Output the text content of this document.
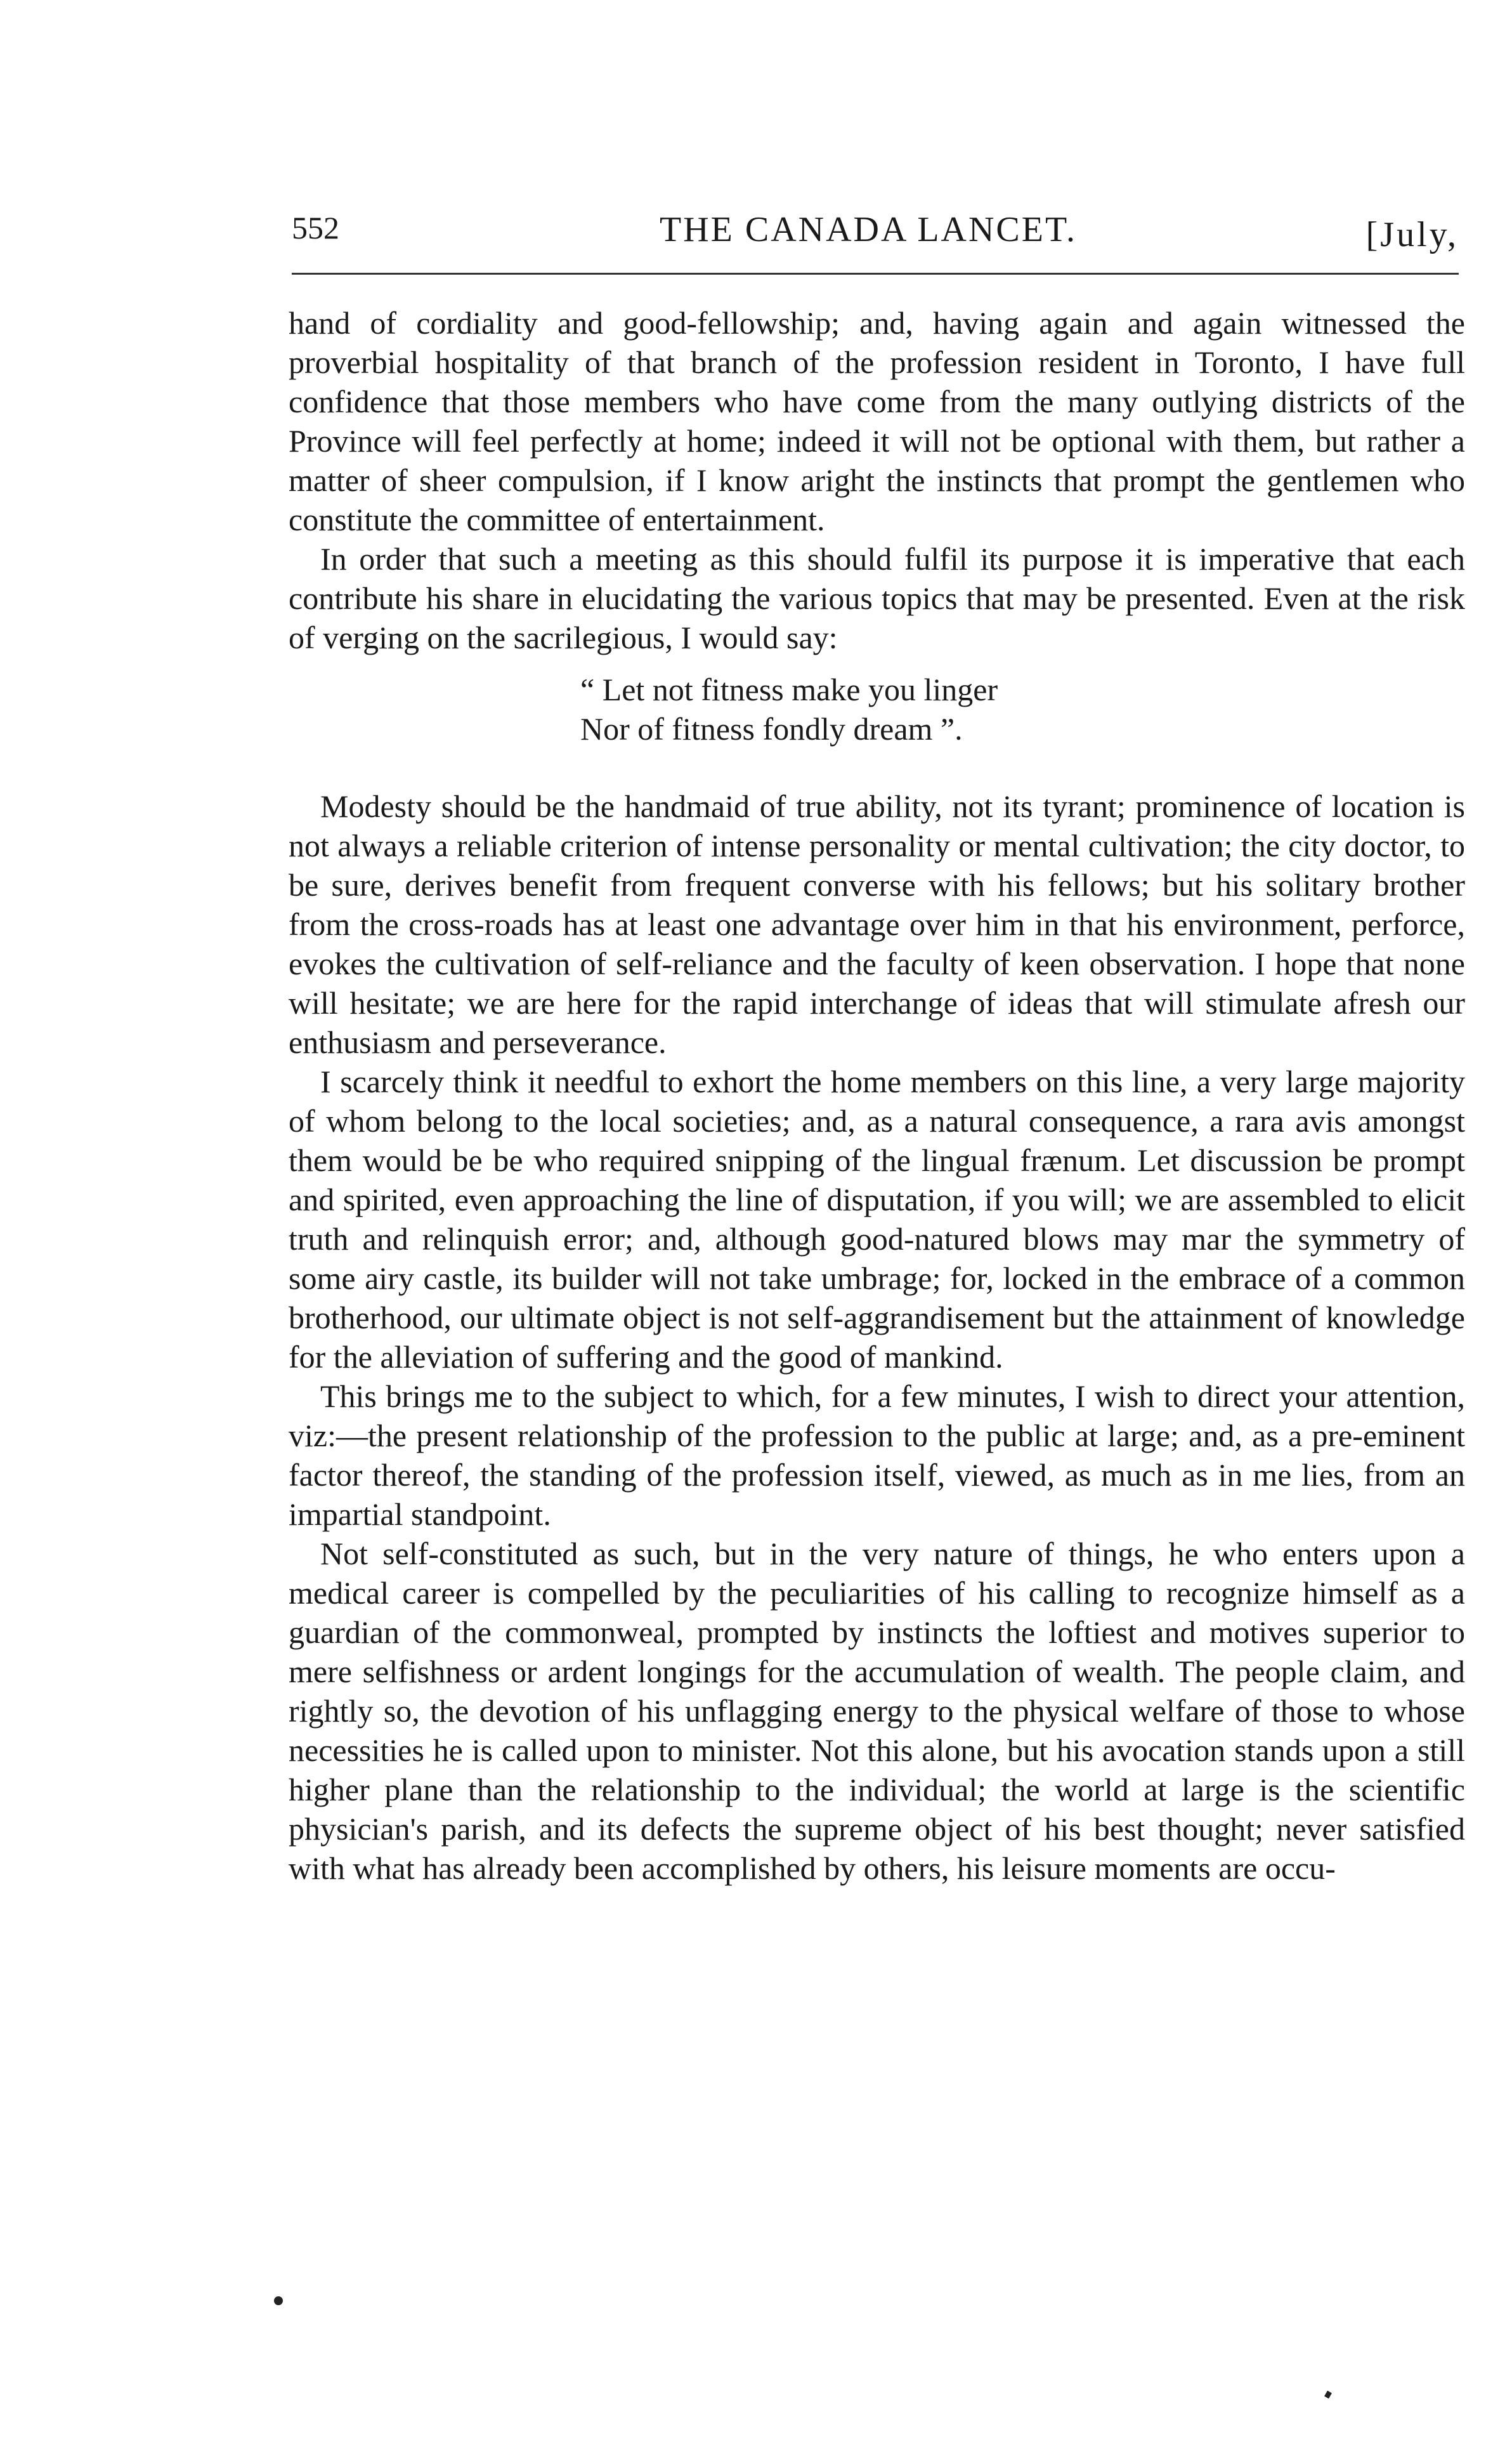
552	THE CANADA LANCET.	[July,

hand of cordiality and good-fellowship; and, having again and again witnessed the proverbial hospitality of that branch of the profession resident in Toronto, I have full confidence that those members who have come from the many outlying districts of the Province will feel perfectly at home; indeed it will not be optional with them, but rather a matter of sheer compulsion, if I know aright the instincts that prompt the gentlemen who constitute the committee of entertainment.

In order that such a meeting as this should fulfil its purpose it is imperative that each contribute his share in elucidating the various topics that may be presented. Even at the risk of verging on the sacrilegious, I would say:

“ Let not fitness make you linger
Nor of fitness fondly dream ”.

Modesty should be the handmaid of true ability, not its tyrant; prominence of location is not always a reliable criterion of intense personality or mental cultivation; the city doctor, to be sure, derives benefit from frequent converse with his fellows; but his solitary brother from the cross-roads has at least one advantage over him in that his environment, perforce, evokes the cultivation of self-reliance and the faculty of keen observation. I hope that none will hesitate; we are here for the rapid interchange of ideas that will stimulate afresh our enthusiasm and perseverance.

I scarcely think it needful to exhort the home members on this line, a very large majority of whom belong to the local societies; and, as a natural consequence, a rara avis amongst them would be be who required snipping of the lingual frænum. Let discussion be prompt and spirited, even approaching the line of disputation, if you will; we are assembled to elicit truth and relinquish error; and, although good-natured blows may mar the symmetry of some airy castle, its builder will not take umbrage; for, locked in the embrace of a common brotherhood, our ultimate object is not self-aggrandisement but the attainment of knowledge for the alleviation of suffering and the good of mankind.

This brings me to the subject to which, for a few minutes, I wish to direct your attention, viz:—the present relationship of the profession to the public at large; and, as a pre-eminent factor thereof, the standing of the profession itself, viewed, as much as in me lies, from an impartial standpoint.

Not self-constituted as such, but in the very nature of things, he who enters upon a medical career is compelled by the peculiarities of his calling to recognize himself as a guardian of the commonweal, prompted by instincts the loftiest and motives superior to mere selfishness or ardent longings for the accumulation of wealth. The people claim, and rightly so, the devotion of his unflagging energy to the physical welfare of those to whose necessities he is called upon to minister. Not this alone, but his avocation stands upon a still higher plane than the relationship to the individual; the world at large is the scientific physician's parish, and its defects the supreme object of his best thought; never satisfied with what has already been accomplished by others, his leisure moments are occu-
